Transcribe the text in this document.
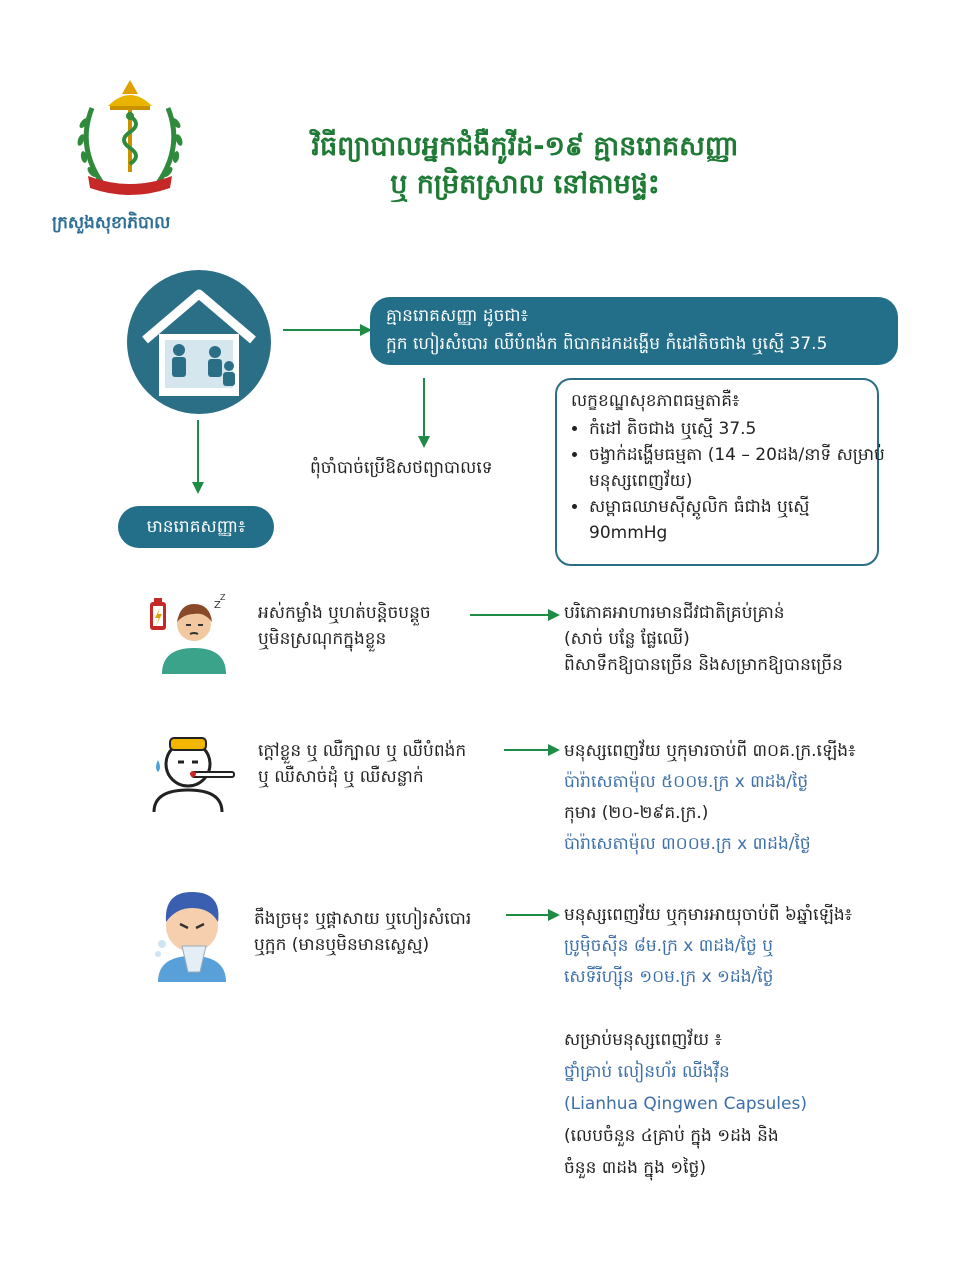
ក្រសួងសុខាភិបាល
ក្រសួងសុខាភិបាល
វិធីព្យាបាលអ្នកជំងឺកូវីដ-១៩ គ្មានរោគសញ្ញា
ឬ កម្រិតស្រាល នៅតាមផ្ទះ
គ្មានរោគសញ្ញា ដូចជា៖
ក្អក ហៀរសំបោរ ឈឺបំពង់ក ពិបាកដកដង្ហើម កំដៅតិចជាង ឬស្មើ 37.5
ពុំចាំបាច់ប្រើឱសថព្យាបាលទេ
លក្ខខណ្ឌសុខភាពធម្មតាគឺ៖
• កំដៅ តិចជាង ឬស្មើ 37.5
• ចង្វាក់ដង្ហើមធម្មតា (14 – 20ដង/នាទី សម្រាប់មនុស្សពេញវ័យ)
• សម្ពាធឈាមស៊ីស្តូលិក ធំជាង ឬស្មើ 90mmHg
មានរោគសញ្ញា៖
Z
Z
អស់កម្លាំង ឬហត់បន្តិចបន្តួច
ឬមិនស្រណុកក្នុងខ្លួន
បរិភោគអាហារមានជីវជាតិគ្រប់គ្រាន់
(សាច់ បន្លែ ផ្លែឈើ)
ពិសាទឹកឱ្យបានច្រើន និងសម្រាកឱ្យបានច្រើន
ក្តៅខ្លួន ឬ ឈឺក្បាល ឬ ឈឺបំពង់ក
ឬ ឈឺសាច់ដុំ ឬ ឈឺសន្លាក់
មនុស្សពេញវ័យ ឬកុមារចាប់ពី ៣០គ.ក្រ.ឡើង៖
ប៉ារ៉ាសេតាម៉ុល ៥០០ម.ក្រ x ៣ដង/ថ្ងៃ
កុមារ (២០-២៩គ.ក្រ.)
ប៉ារ៉ាសេតាម៉ុល ៣០០ម.ក្រ x ៣ដង/ថ្ងៃ
តឹងច្រមុះ ឬផ្តាសាយ ឬហៀរសំបោរ
ឬក្អក (មានឬមិនមានស្លេស្ម)
មនុស្សពេញវ័យ ឬកុមារអាយុចាប់ពី ៦ឆ្នាំឡើង៖
ប្រូម៉ិចស៊ីន ៨ម.ក្រ x ៣ដង/ថ្ងៃ ឬ
សេទីរីហ្ស៊ីន ១០ម.ក្រ x ១ដង/ថ្ងៃ
សម្រាប់មនុស្សពេញវ័យ ៖
ថ្នាំគ្រាប់ លៀនហ័រ ឈីងវ៉ឺន
(Lianhua Qingwen Capsules)
(លេបចំនួន ៤គ្រាប់ ក្នុង ១ដង និង
ចំនួន ៣ដង ក្នុង ១ថ្ងៃ)
